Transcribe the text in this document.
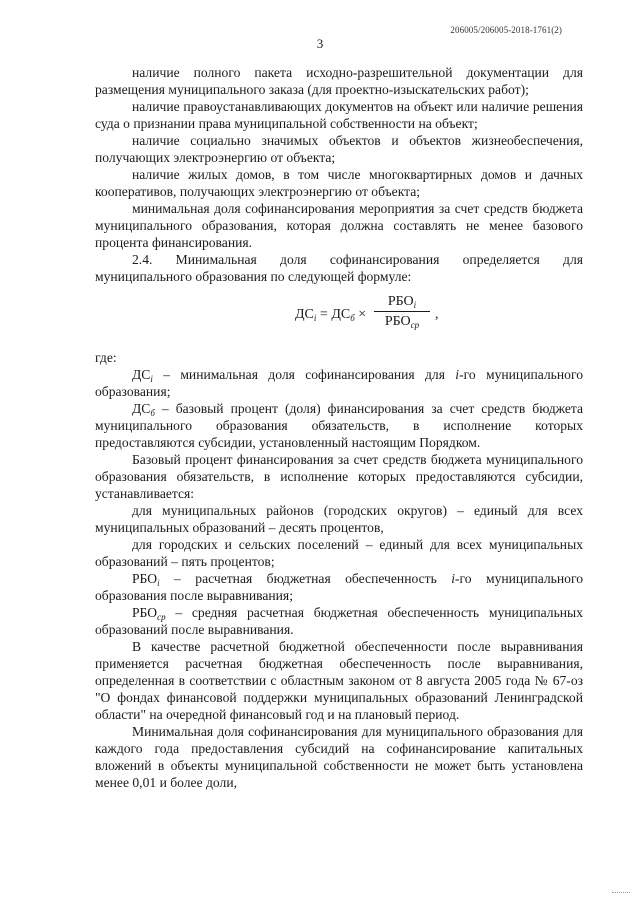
206005/206005-2018-1761(2)
3

наличие полного пакета исходно-разрешительной документации для размещения муниципального заказа (для проектно-изыскательских работ);

наличие правоустанавливающих документов на объект или наличие решения суда о признании права муниципальной собственности на объект;

наличие социально значимых объектов и объектов жизнеобеспечения, получающих электроэнергию от объекта;

наличие жилых домов, в том числе многоквартирных домов и дачных кооперативов, получающих электроэнергию от объекта;

минимальная доля софинансирования мероприятия за счет средств бюджета муниципального образования, которая должна составлять не менее базового процента финансирования.

2.4. Минимальная доля софинансирования определяется для муниципального образования по следующей формуле:

$ДС_i = ДС_б$ ×
$РБО_i$
$РБО_{ср}$
,

где:

$ДС_i$ – минимальная доля софинансирования для i-го муниципального образования;

$ДС_б$ – базовый процент (доля) финансирования за счет средств бюджета муниципального образования обязательств, в исполнение которых предоставляются субсидии, установленный настоящим Порядком.

Базовый процент финансирования за счет средств бюджета муниципального образования обязательств, в исполнение которых предоставляются субсидии, устанавливается:

для муниципальных районов (городских округов) – единый для всех муниципальных образований – десять процентов,

для городских и сельских поселений – единый для всех муниципальных образований – пять процентов;

$РБО_i$ – расчетная бюджетная обеспеченность i-го муниципального образования после выравнивания;

$РБО_{ср}$ – средняя расчетная бюджетная обеспеченность муниципальных образований после выравнивания.

В качестве расчетной бюджетной обеспеченности после выравнивания применяется расчетная бюджетная обеспеченность после выравнивания, определенная в соответствии с областным законом от 8 августа 2005 года № 67-оз "О фондах финансовой поддержки муниципальных образований Ленинградской области" на очередной финансовый год и на плановый период.

Минимальная доля софинансирования для муниципального образования для каждого года предоставления субсидий на софинансирование капитальных вложений в объекты муниципальной собственности не может быть установлена менее 0,01 и более доли,
